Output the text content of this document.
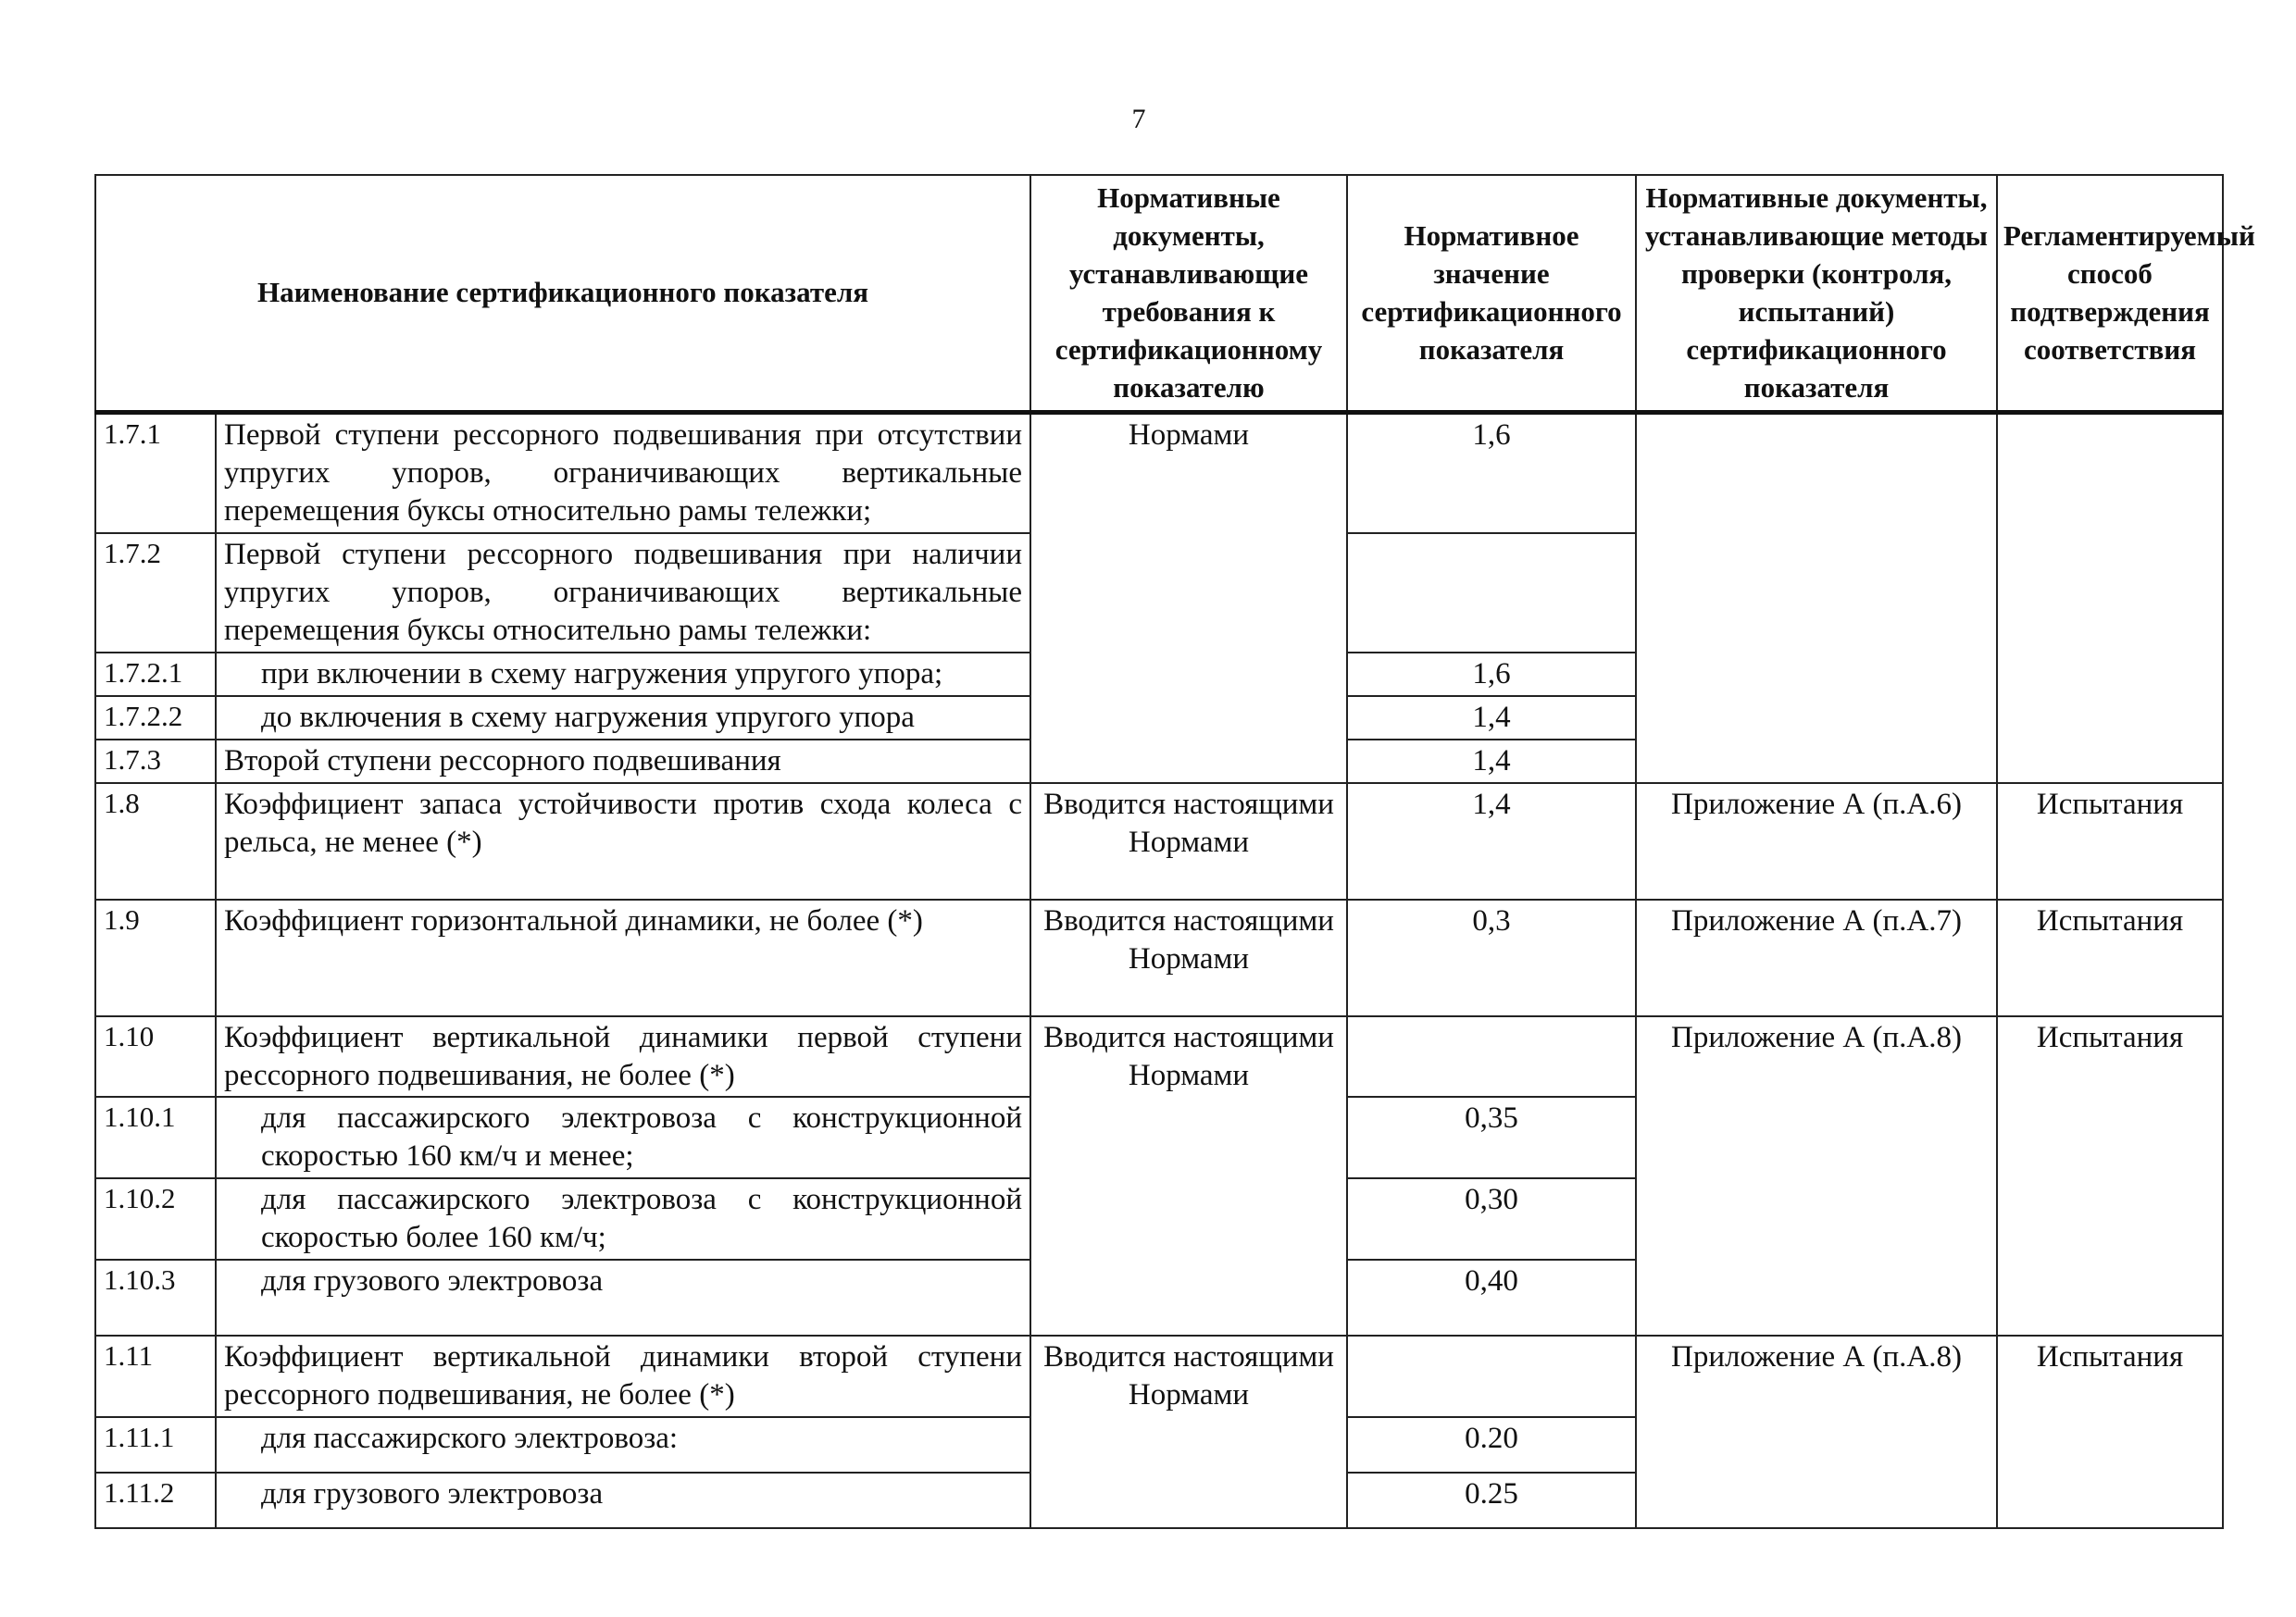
7
Наименование сертификационного показателя		Нормативные документы, устанавливающие требования к сертификационному показателю	Нормативное значение сертификационного показателя	Нормативные документы, устанавливающие методы проверки (контроля, испытаний) сертификационного показателя	Регламентируемый способ подтверждения соответствия
1.7.1	Первой ступени рессорного подвешивания при отсутствии упругих упоров, ограничивающих вертикальные перемещения буксы относительно рамы тележки;	Нормами	1,6		
1.7.2	Первой ступени рессорного подвешивания при наличии упругих упоров, ограничивающих вертикальные перемещения буксы относительно рамы тележки:				
1.7.2.1	при включении в схему нагружения упругого упора;		1,6		
1.7.2.2	до включения в схему нагружения упругого упора		1,4		
1.7.3	Второй ступени рессорного подвешивания		1,4		
1.8	Коэффициент запаса устойчивости против схода колеса с рельса, не менее (*)	Вводится настоящими Нормами	1,4	Приложение А (п.А.6)	Испытания
1.9	Коэффициент горизонтальной динамики, не более (*)	Вводится настоящими Нормами	0,3	Приложение А (п.А.7)	Испытания
1.10	Коэффициент вертикальной динамики первой ступени рессорного подвешивания, не более (*)	Вводится настоящими Нормами		Приложение А (п.А.8)	Испытания
1.10.1	для пассажирского электровоза с конструкционной скоростью 160 км/ч и менее;		0,35		
1.10.2	для пассажирского электровоза с конструкционной скоростью более 160 км/ч;		0,30		
1.10.3	для грузового электровоза		0,40		
1.11	Коэффициент вертикальной динамики второй ступени рессорного подвешивания, не более (*)	Вводится настоящими Нормами		Приложение А (п.А.8)	Испытания
1.11.1	для пассажирского электровоза:		0.20		
1.11.2	для грузового электровоза		0.25		
